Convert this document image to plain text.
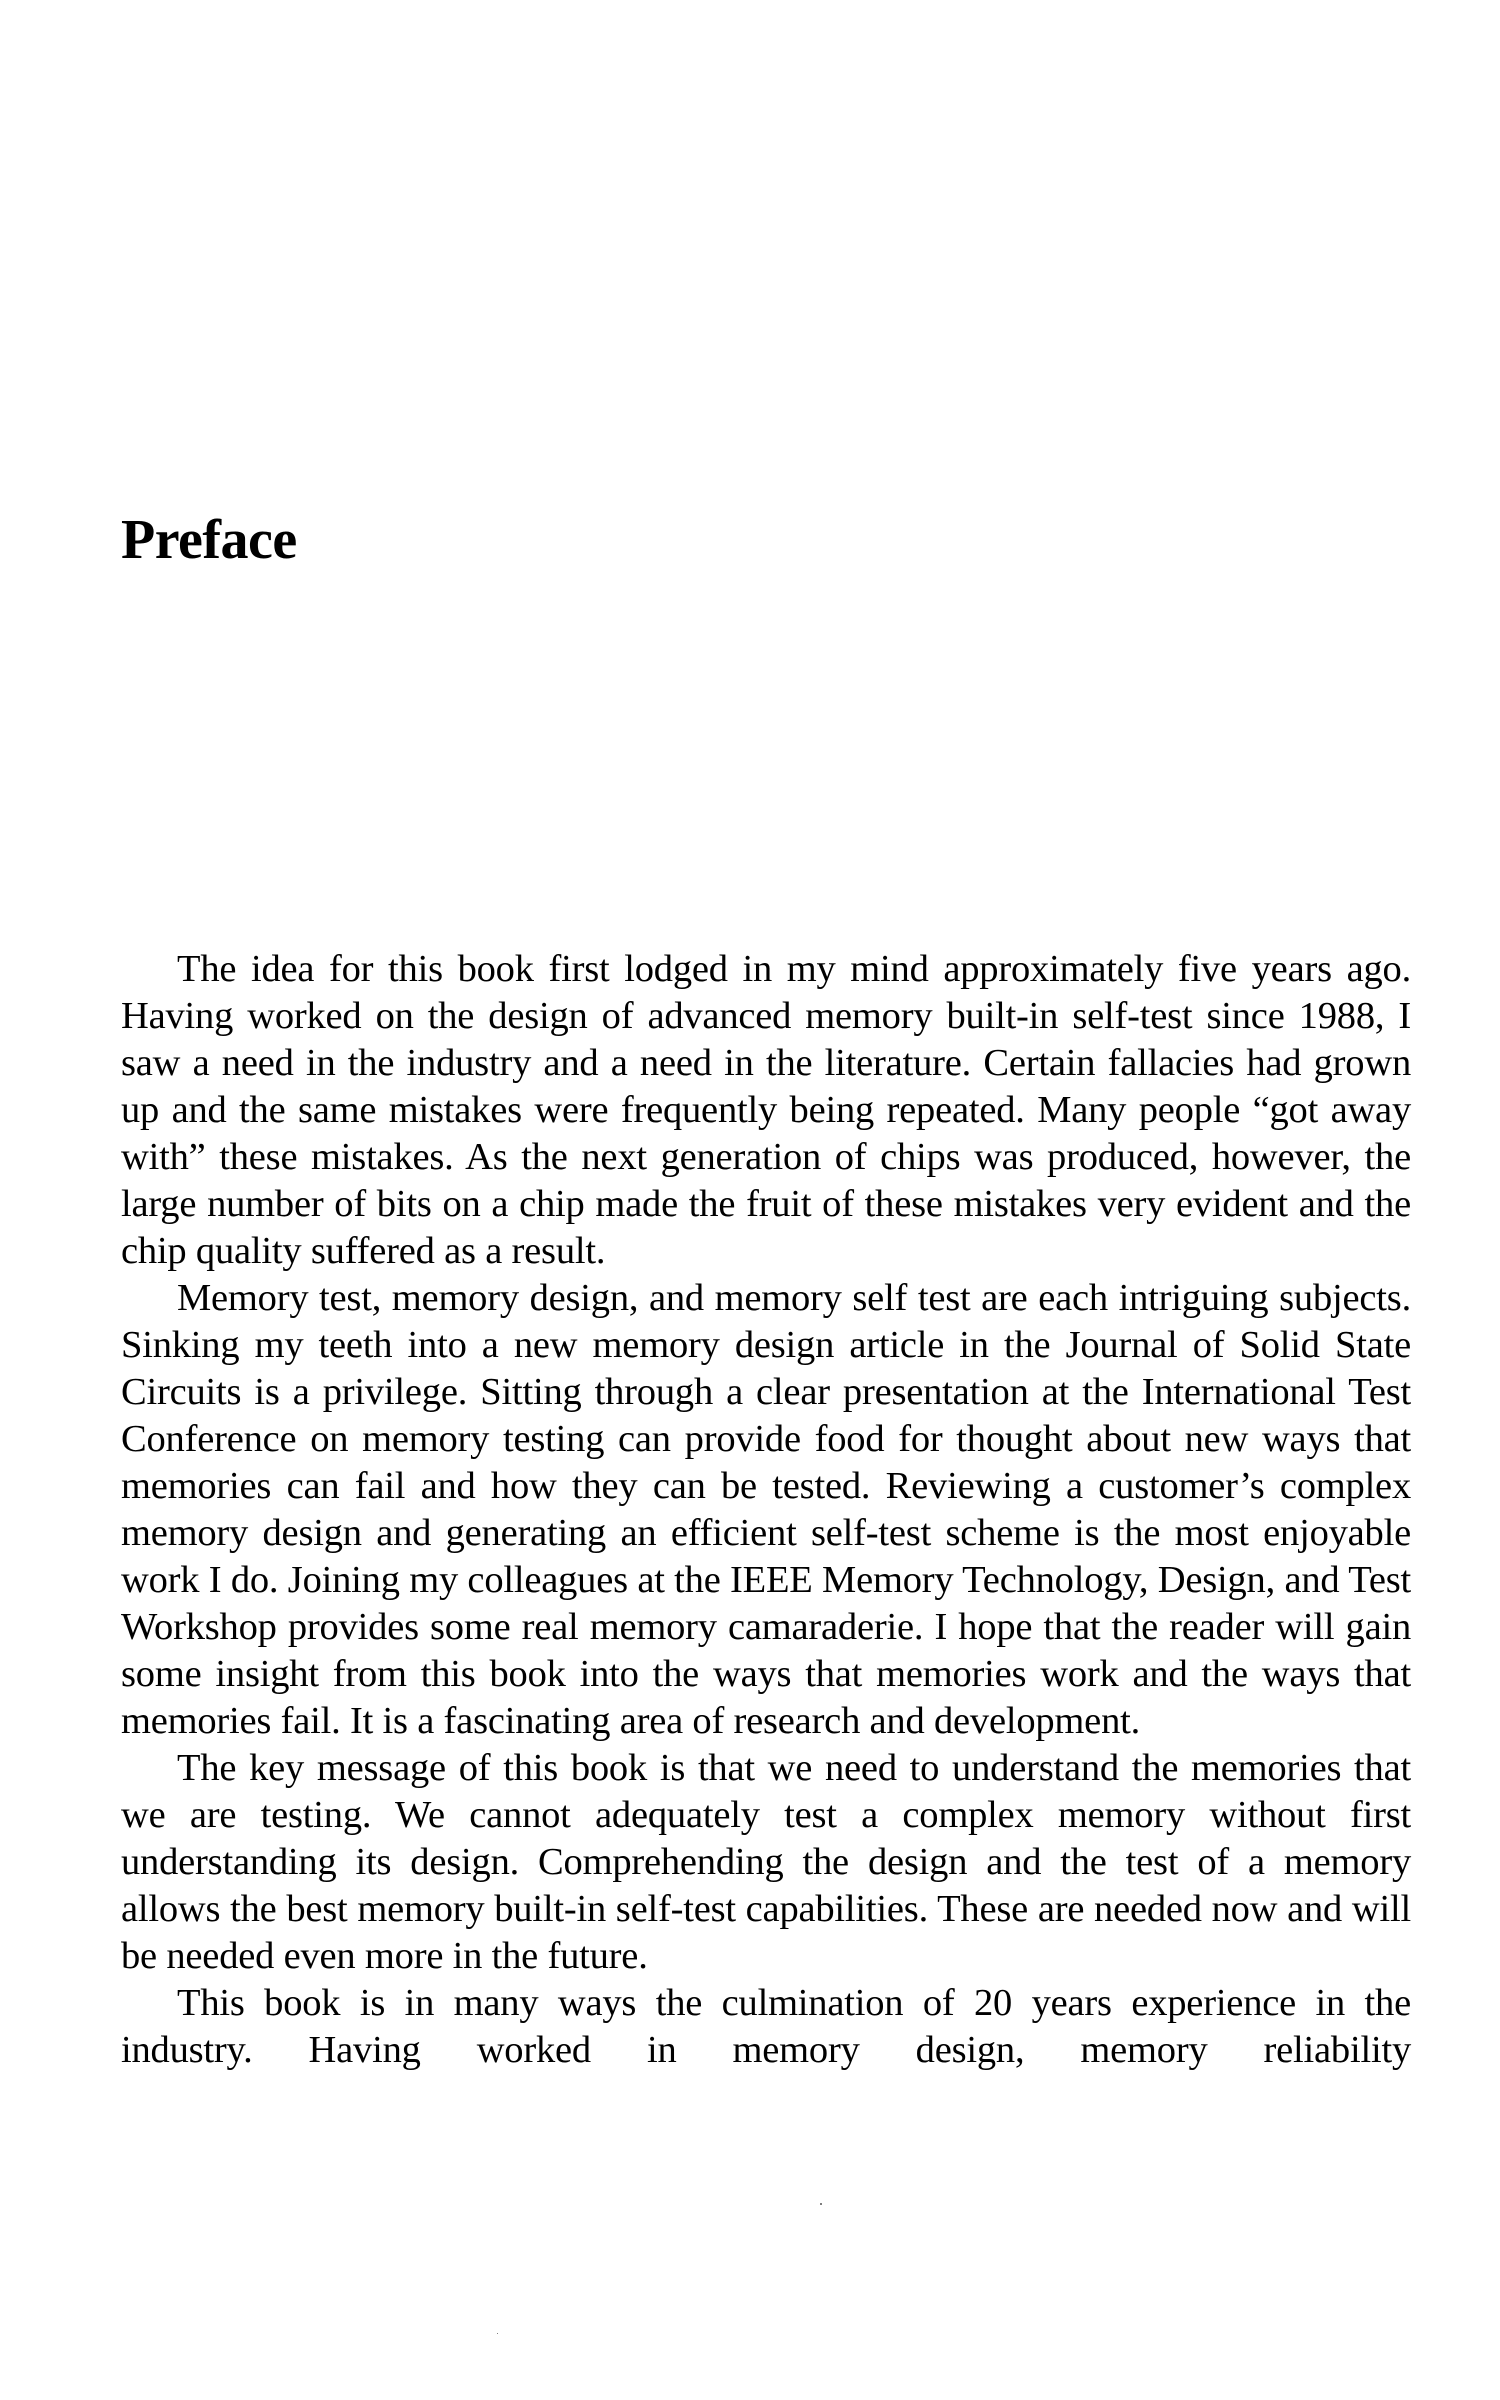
Preface

The idea for this book first lodged in my mind approximately five years ago. Having worked on the design of advanced memory built-in self-test since 1988, I saw a need in the industry and a need in the literature. Certain fallacies had grown up and the same mistakes were frequently being repeated. Many people “got away with” these mistakes. As the next generation of chips was produced, however, the large number of bits on a chip made the fruit of these mistakes very evident and the chip quality suffered as a result.

Memory test, memory design, and memory self test are each intriguing subjects. Sinking my teeth into a new memory design article in the Journal of Solid State Circuits is a privilege. Sitting through a clear presentation at the International Test Conference on memory testing can provide food for thought about new ways that memories can fail and how they can be tested. Reviewing a customer’s complex memory design and generating an efficient self-test scheme is the most enjoyable work I do. Joining my colleagues at the IEEE Memory Technology, Design, and Test Workshop provides some real memory camaraderie. I hope that the reader will gain some insight from this book into the ways that memories work and the ways that memories fail. It is a fascinating area of research and development.

The key message of this book is that we need to understand the memories that we are testing. We cannot adequately test a complex memory without first understanding its design. Comprehending the design and the test of a memory allows the best memory built-in self-test capabilities. These are needed now and will be needed even more in the future.

This book is in many ways the culmination of 20 years experience in the industry. Having worked in memory design, memory reliability
